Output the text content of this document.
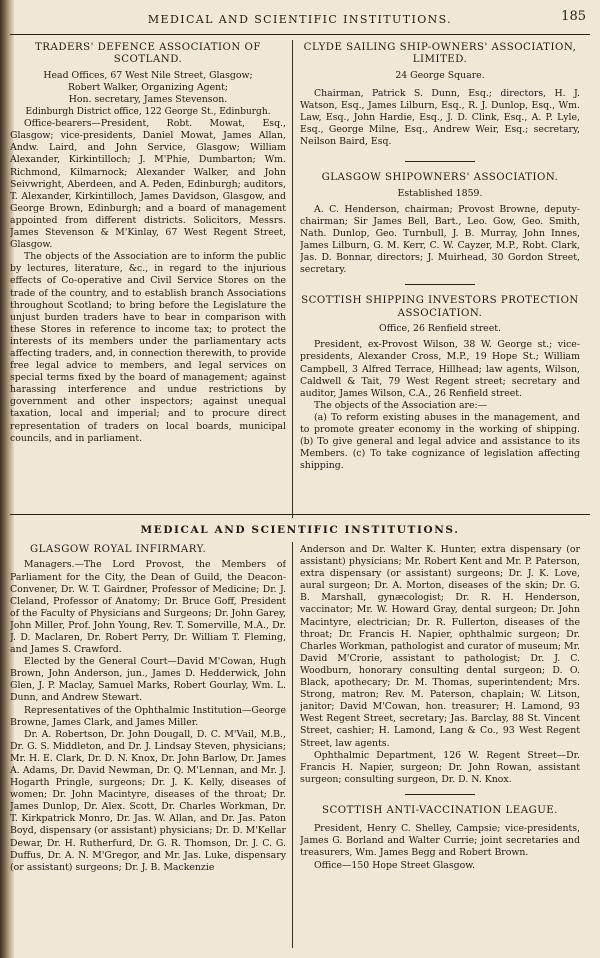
MEDICAL AND SCIENTIFIC INSTITUTIONS.	185
TRADERS' DEFENCE ASSOCIATION OF SCOTLAND.

Head Offices, 67 West Nile Street, Glasgow;

Robert Walker, Organizing Agent;

Hon. secretary, James Stevenson.

Edinburgh District office, 122 George St., Edinburgh.

Office-bearers—President, Robt. Mowat, Esq., Glasgow; vice-presidents, Daniel Mowat, James Allan, Andw. Laird, and John Service, Glasgow; William Alexander, Kirkintilloch; J. M'Phie, Dumbarton; Wm. Richmond, Kilmarnock; Alexander Walker, and John Seivwright, Aberdeen, and A. Peden, Edinburgh; auditors, T. Alexander, Kirkintilloch, James Davidson, Glasgow, and George Brown, Edinburgh; and a board of management appointed from different districts. Solicitors, Messrs. James Stevenson & M'Kinlay, 67 West Regent Street, Glasgow.

The objects of the Association are to inform the public by lectures, literature, &c., in regard to the injurious effects of Co-operative and Civil Service Stores on the trade of the country, and to establish branch Associations throughout Scotland; to bring before the Legislature the unjust burden traders have to bear in comparison with these Stores in reference to income tax; to protect the interests of its members under the parliamentary acts affecting traders, and, in connection therewith, to provide free legal advice to members, and legal services on special terms fixed by the board of management; against harassing interference and undue restrictions by government and other inspectors; against unequal taxation, local and imperial; and to procure direct representation of traders on local boards, municipal councils, and in parliament.

CLYDE SAILING SHIP-OWNERS' ASSOCIATION, LIMITED.

24 George Square.

Chairman, Patrick S. Dunn, Esq.; directors, H. J. Watson, Esq., James Lilburn, Esq., R. J. Dunlop, Esq., Wm. Law, Esq., John Hardie, Esq., J. D. Clink, Esq., A. P. Lyle, Esq., George Milne, Esq., Andrew Weir, Esq.; secretary, Neilson Baird, Esq.

GLASGOW SHIPOWNERS' ASSOCIATION.

Established 1859.

A. C. Henderson, chairman; Provost Browne, deputy-chairman; Sir James Bell, Bart., Leo. Gow, Geo. Smith, Nath. Dunlop, Geo. Turnbull, J. B. Murray, John Innes, James Lilburn, G. M. Kerr, C. W. Cayzer, M.P., Robt. Clark, Jas. D. Bonnar, directors; J. Muirhead, 30 Gordon Street, secretary.

SCOTTISH SHIPPING INVESTORS PROTECTION ASSOCIATION.

Office, 26 Renfield street.

President, ex-Provost Wilson, 38 W. George st.; vice-presidents, Alexander Cross, M.P., 19 Hope St.; William Campbell, 3 Alfred Terrace, Hillhead; law agents, Wilson, Caldwell & Tait, 79 West Regent street; secretary and auditor, James Wilson, C.A., 26 Renfield street.

The objects of the Association are:—

(a) To reform existing abuses in the management, and to promote greater economy in the working of shipping. (b) To give general and legal advice and assistance to its Members. (c) To take cognizance of legislation affecting shipping.

MEDICAL AND SCIENTIFIC INSTITUTIONS.
GLASGOW ROYAL INFIRMARY.

Managers.—The Lord Provost, the Members of Parliament for the City, the Dean of Guild, the Deacon-Convener, Dr. W. T. Gairdner, Professor of Medicine; Dr. J. Cleland, Professor of Anatomy; Dr. Bruce Goff, President of the Faculty of Physicians and Surgeons; Dr. John Garey, John Miller, Prof. John Young, Rev. T. Somerville, M.A., Dr. J. D. Maclaren, Dr. Robert Perry, Dr. William T. Fleming, and James S. Crawford.

Elected by the General Court—David M'Cowan, Hugh Brown, John Anderson, jun., James D. Hedderwick, John Glen, J. P. Maclay, Samuel Marks, Robert Gourlay, Wm. L. Dunn, and Andrew Stewart.

Representatives of the Ophthalmic Institution—George Browne, James Clark, and James Miller.

Dr. A. Robertson, Dr. John Dougall, D. C. M'Vail, M.B., Dr. G. S. Middleton, and Dr. J. Lindsay Steven, physicians; Mr. H. E. Clark, Dr. D. N. Knox, Dr. John Barlow, Dr. James A. Adams, Dr. David Newman, Dr. Q. M'Lennan, and Mr. J. Hogarth Pringle, surgeons; Dr. J. K. Kelly, diseases of women; Dr. John Macintyre, diseases of the throat; Dr. James Dunlop, Dr. Alex. Scott, Dr. Charles Workman, Dr. T. Kirkpatrick Monro, Dr. Jas. W. Allan, and Dr. Jas. Paton Boyd, dispensary (or assistant) physicians; Dr. D. M'Kellar Dewar, Dr. H. Rutherfurd, Dr. G. R. Thomson, Dr. J. C. G. Duffus, Dr. A. N. M'Gregor, and Mr. Jas. Luke, dispensary (or assistant) surgeons; Dr. J. B. Mackenzie

Anderson and Dr. Walter K. Hunter, extra dispensary (or assistant) physicians; Mr. Robert Kent and Mr. P. Paterson, extra dispensary (or assistant) surgeons; Dr. J. K. Love, aural surgeon; Dr. A. Morton, diseases of the skin; Dr. G. B. Marshall, gynæcologist; Dr. R. H. Henderson, vaccinator; Mr. W. Howard Gray, dental surgeon; Dr. John Macintyre, electrician; Dr. R. Fullerton, diseases of the throat; Dr. Francis H. Napier, ophthalmic surgeon; Dr. Charles Workman, pathologist and curator of museum; Mr. David M'Crorie, assistant to pathologist; Dr. J. C. Woodburn, honorary consulting dental surgeon; D. O. Black, apothecary; Dr. M. Thomas, superintendent; Mrs. Strong, matron; Rev. M. Paterson, chaplain; W. Litson, janitor; David M'Cowan, hon. treasurer; H. Lamond, 93 West Regent Street, secretary; Jas. Barclay, 88 St. Vincent Street, cashier; H. Lamond, Lang & Co., 93 West Regent Street, law agents.

Ophthalmic Department, 126 W. Regent Street—Dr. Francis H. Napier, surgeon; Dr. John Rowan, assistant surgeon; consulting surgeon, Dr. D. N. Knox.

SCOTTISH ANTI-VACCINATION LEAGUE.

President, Henry C. Shelley, Campsie; vice-presidents, James G. Borland and Walter Currie; joint secretaries and treasurers, Wm. James Begg and Robert Brown.

Office—150 Hope Street Glasgow.
